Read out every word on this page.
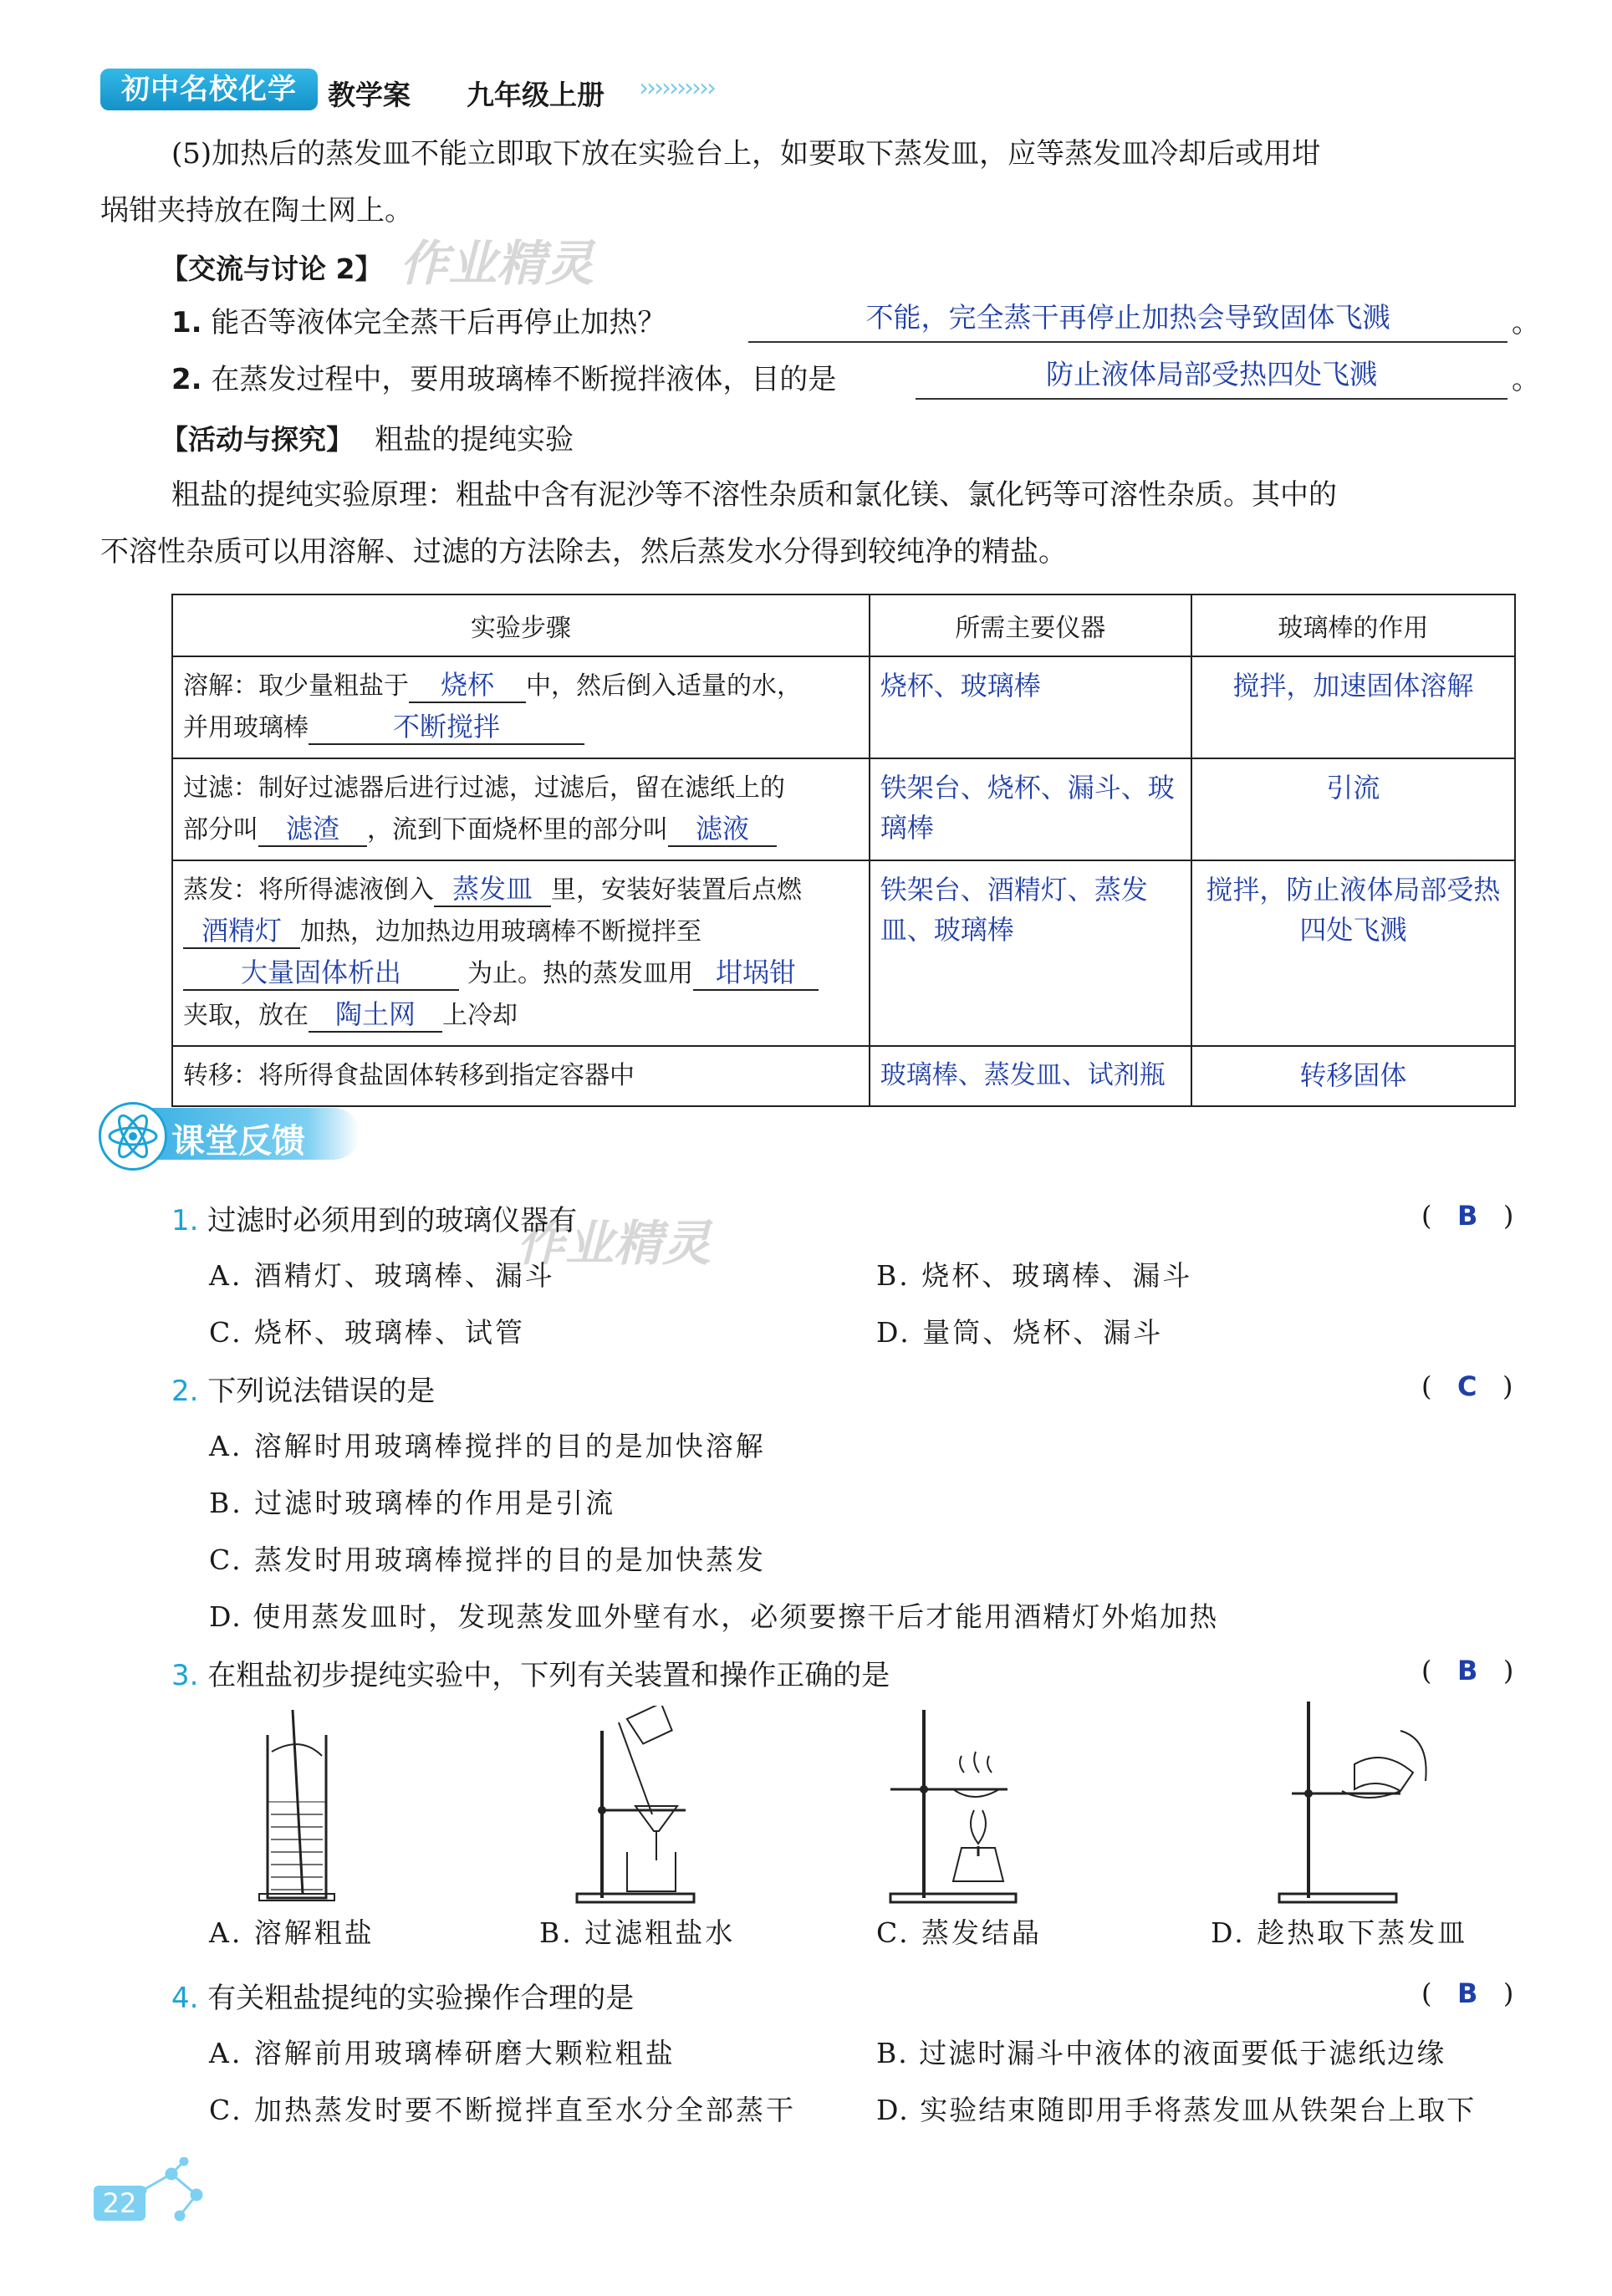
初中名校化学	教学案 九年级上册 ››››››››››
(5)加热后的蒸发皿不能立即取下放在实验台上，如要取下蒸发皿，应等蒸发皿冷却后或用坩
埚钳夹持放在陶土网上。
作业精灵
【交流与讨论 2】
1. 能否等液体完全蒸干后再停止加热？	不能，完全蒸干再停止加热会导致固体飞溅	。
2. 在蒸发过程中，要用玻璃棒不断搅拌液体，目的是	防止液体局部受热四处飞溅	。
【活动与探究】 粗盐的提纯实验
粗盐的提纯实验原理：粗盐中含有泥沙等不溶性杂质和氯化镁、氯化钙等可溶性杂质。其中的
不溶性杂质可以用溶解、过滤的方法除去，然后蒸发水分得到较纯净的精盐。
实验步骤	所需主要仪器	玻璃棒的作用
溶解：取少量粗盐于 烧杯 中，然后倒入适量的水，
并用玻璃棒 不断搅拌	烧杯、玻璃棒	搅拌，加速固体溶解
过滤：制好过滤器后进行过滤，过滤后，留在滤纸上的
部分叫 滤渣 ，流到下面烧杯里的部分叫 滤液	铁架台、烧杯、漏斗、玻璃棒	引流
蒸发：将所得滤液倒入 蒸发皿 里，安装好装置后点燃
酒精灯 加热，边加热边用玻璃棒不断搅拌至
大量固体析出 为止。热的蒸发皿用 坩埚钳
夹取，放在 陶土网 上冷却	铁架台、酒精灯、蒸发皿、玻璃棒	搅拌，防止液体局部受热四处飞溅
转移：将所得食盐固体转移到指定容器中	玻璃棒、蒸发皿、试剂瓶	转移固体
课堂反馈
作业精灵
1. 过滤时必须用到的玻璃仪器有	(   B   )
A. 酒精灯、玻璃棒、漏斗	B. 烧杯、玻璃棒、漏斗
C. 烧杯、玻璃棒、试管	D. 量筒、烧杯、漏斗
2. 下列说法错误的是	(   C   )
A. 溶解时用玻璃棒搅拌的目的是加快溶解
B. 过滤时玻璃棒的作用是引流
C. 蒸发时用玻璃棒搅拌的目的是加快蒸发
D. 使用蒸发皿时，发现蒸发皿外壁有水，必须要擦干后才能用酒精灯外焰加热
3. 在粗盐初步提纯实验中，下列有关装置和操作正确的是	(   B   )
A. 溶解粗盐	B. 过滤粗盐水	C. 蒸发结晶	D. 趁热取下蒸发皿
4. 有关粗盐提纯的实验操作合理的是	(   B   )
A. 溶解前用玻璃棒研磨大颗粒粗盐	B. 过滤时漏斗中液体的液面要低于滤纸边缘
C. 加热蒸发时要不断搅拌直至水分全部蒸干	D. 实验结束随即用手将蒸发皿从铁架台上取下
22
